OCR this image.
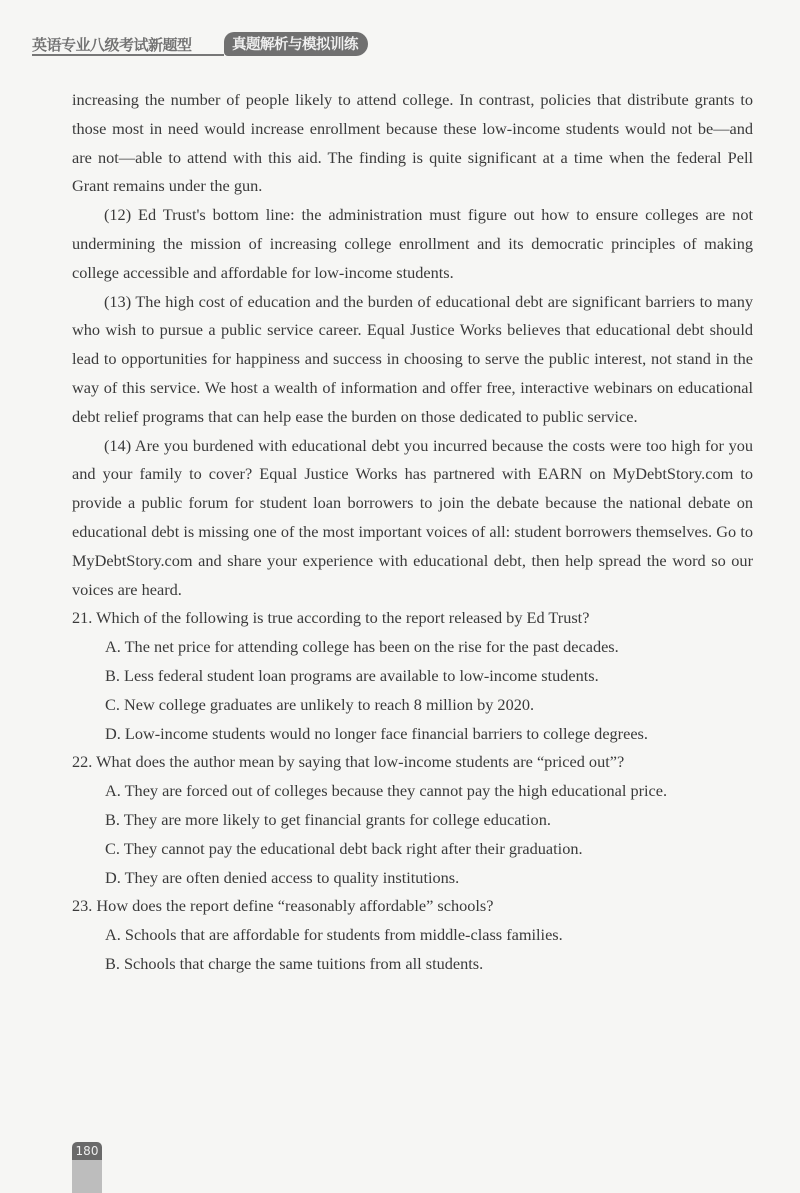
英语专业八级考试新题型	真题解析与模拟训练

increasing the number of people likely to attend college. In contrast, policies that distribute grants to those most in need would increase enrollment because these low-income students would not be—and are not—able to attend with this aid. The finding is quite significant at a time when the federal Pell Grant remains under the gun.

(12) Ed Trust's bottom line: the administration must figure out how to ensure colleges are not undermining the mission of increasing college enrollment and its democratic principles of making college accessible and affordable for low-income students.

(13) The high cost of education and the burden of educational debt are significant barriers to many who wish to pursue a public service career. Equal Justice Works believes that educational debt should lead to opportunities for happiness and success in choosing to serve the public interest, not stand in the way of this service. We host a wealth of information and offer free, interactive webinars on educational debt relief programs that can help ease the burden on those dedicated to public service.

(14) Are you burdened with educational debt you incurred because the costs were too high for you and your family to cover? Equal Justice Works has partnered with EARN on MyDebtStory.com to provide a public forum for student loan borrowers to join the debate because the national debate on educational debt is missing one of the most important voices of all: student borrowers themselves. Go to MyDebtStory.com and share your experience with educational debt, then help spread the word so our voices are heard.

21. Which of the following is true according to the report released by Ed Trust?

A. The net price for attending college has been on the rise for the past decades.

B. Less federal student loan programs are available to low-income students.

C. New college graduates are unlikely to reach 8 million by 2020.

D. Low-income students would no longer face financial barriers to college degrees.

22. What does the author mean by saying that low-income students are “priced out”?

A. They are forced out of colleges because they cannot pay the high educational price.

B. They are more likely to get financial grants for college education.

C. They cannot pay the educational debt back right after their graduation.

D. They are often denied access to quality institutions.

23. How does the report define “reasonably affordable” schools?

A. Schools that are affordable for students from middle-class families.

B. Schools that charge the same tuitions from all students.

180
